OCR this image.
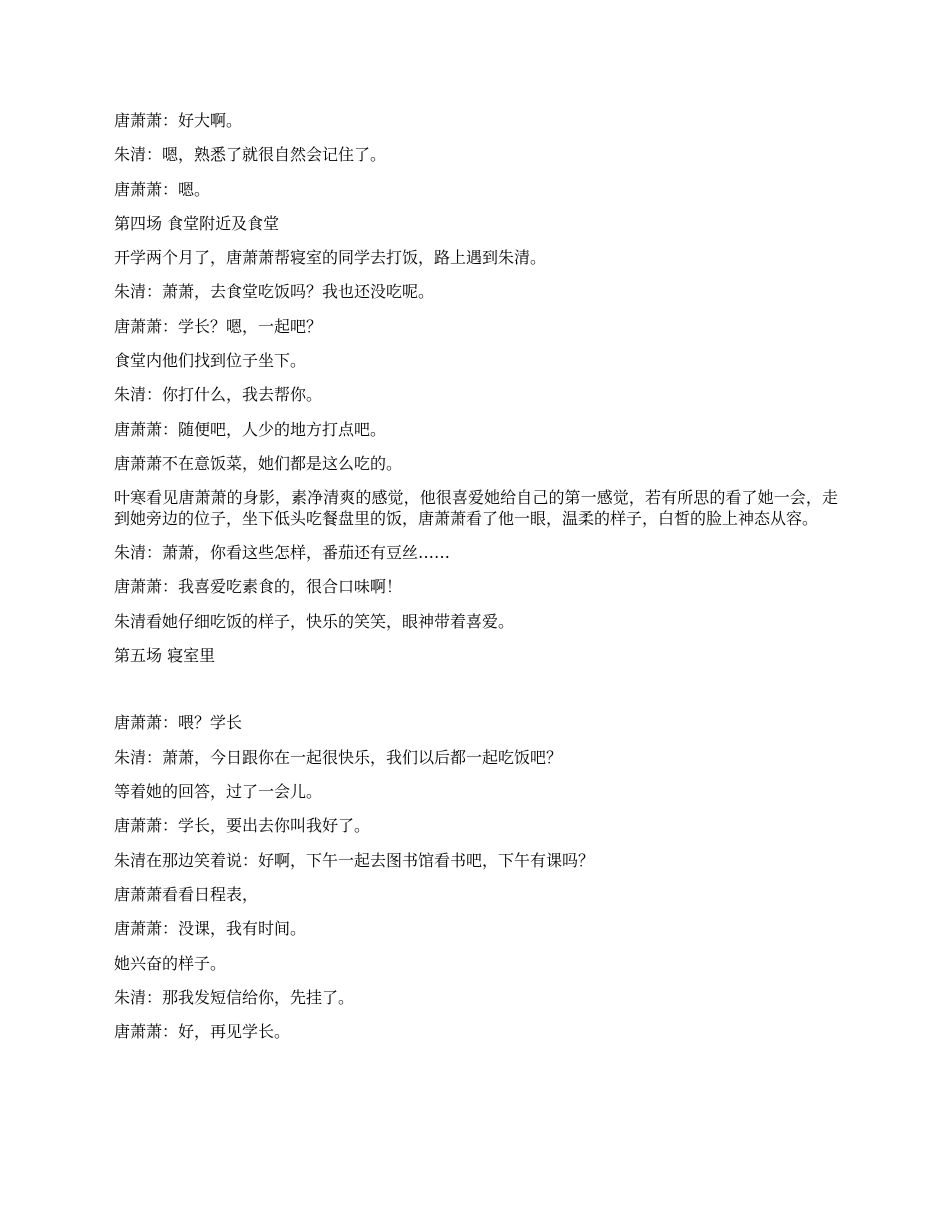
唐萧萧：好大啊。

朱清：嗯，熟悉了就很自然会记住了。

唐萧萧：嗯。

第四场 食堂附近及食堂

开学两个月了，唐萧萧帮寝室的同学去打饭，路上遇到朱清。

朱清：萧萧，去食堂吃饭吗？我也还没吃呢。

唐萧萧：学长？嗯，一起吧？

食堂内他们找到位子坐下。

朱清：你打什么，我去帮你。

唐萧萧：随便吧，人少的地方打点吧。

唐萧萧不在意饭菜，她们都是这么吃的。

叶寒看见唐萧萧的身影，素净清爽的感觉，他很喜爱她给自己的第一感觉，若有所思的看了她一会，走到她旁边的位子，坐下低头吃餐盘里的饭，唐萧萧看了他一眼，温柔的样子，白皙的脸上神态从容。

朱清：萧萧，你看这些怎样，番茄还有豆丝……

唐萧萧：我喜爱吃素食的，很合口味啊！

朱清看她仔细吃饭的样子，快乐的笑笑，眼神带着喜爱。

第五场 寝室里

唐萧萧：喂？学长

朱清：萧萧，今日跟你在一起很快乐，我们以后都一起吃饭吧？

等着她的回答，过了一会儿。

唐萧萧：学长，要出去你叫我好了。

朱清在那边笑着说：好啊，下午一起去图书馆看书吧，下午有课吗？

唐萧萧看看日程表，

唐萧萧：没课，我有时间。

她兴奋的样子。

朱清：那我发短信给你，先挂了。

唐萧萧：好，再见学长。
